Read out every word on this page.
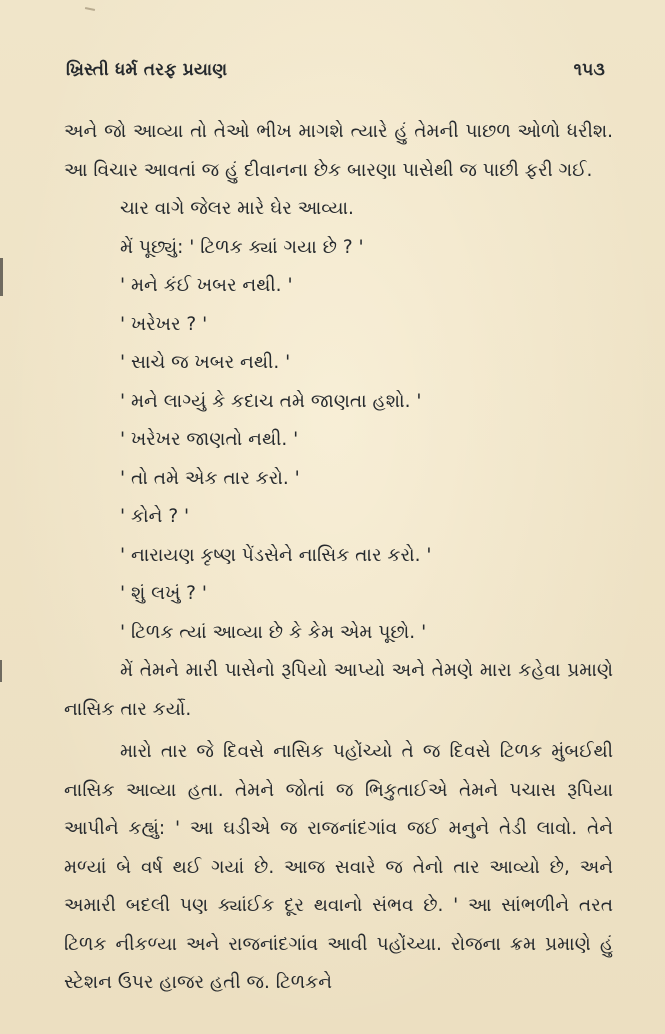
ખ્રિસ્તી ધર્મ તરફ પ્રયાણ	૧૫૩

અને જો આવ્યા તો તેઓ ભીખ માગશે ત્યારે હું તેમની પાછળ ઓળો ધરીશ. આ વિચાર આવતાં જ હું દીવાનના છેક બારણા પાસેથી જ પાછી ફરી ગઈ.

ચાર વાગે જેલર મારે ઘેર આવ્યા.

મેં પૂછ્યું: ' ટિળક ક્યાં ગયા છે ? '

' મને કંઈ ખબર નથી. '

' ખરેખર ? '

' સાચે જ ખબર નથી. '

' મને લાગ્યું કે કદાચ તમે જાણતા હશો. '

' ખરેખર જાણતો નથી. '

' તો તમે એક તાર કરો. '

' કોને ? '

' નારાયણ કૃષ્ણ પેંડસેને નાસિક તાર કરો. '

' શું લખું ? '

' ટિળક ત્યાં આવ્યા છે કે કેમ એમ પૂછો. '

મેં તેમને મારી પાસેનો રૂપિયો આપ્યો અને તેમણે મારા કહેવા પ્રમાણે નાસિક તાર કર્યો.

મારો તાર જે દિવસે નાસિક પહોંચ્યો તે જ દિવસે ટિળક મુંબઈથી નાસિક આવ્યા હતા. તેમને જોતાં જ ભિકુતાઈએ તેમને પચાસ રૂપિયા આપીને કહ્યું: ' આ ઘડીએ જ રાજનાંદગાંવ જઈ મનુને તેડી લાવો. તેને મળ્યાં બે વર્ષ થઈ ગયાં છે. આજ સવારે જ તેનો તાર આવ્યો છે, અને અમારી બદલી પણ ક્યાંઈક દૂર થવાનો સંભવ છે. ' આ સાંભળીને તરત ટિળક નીકળ્યા અને રાજનાંદગાંવ આવી પહોંચ્યા. રોજના ક્રમ પ્રમાણે હું સ્ટેશન ઉપર હાજર હતી જ. ટિળકને
